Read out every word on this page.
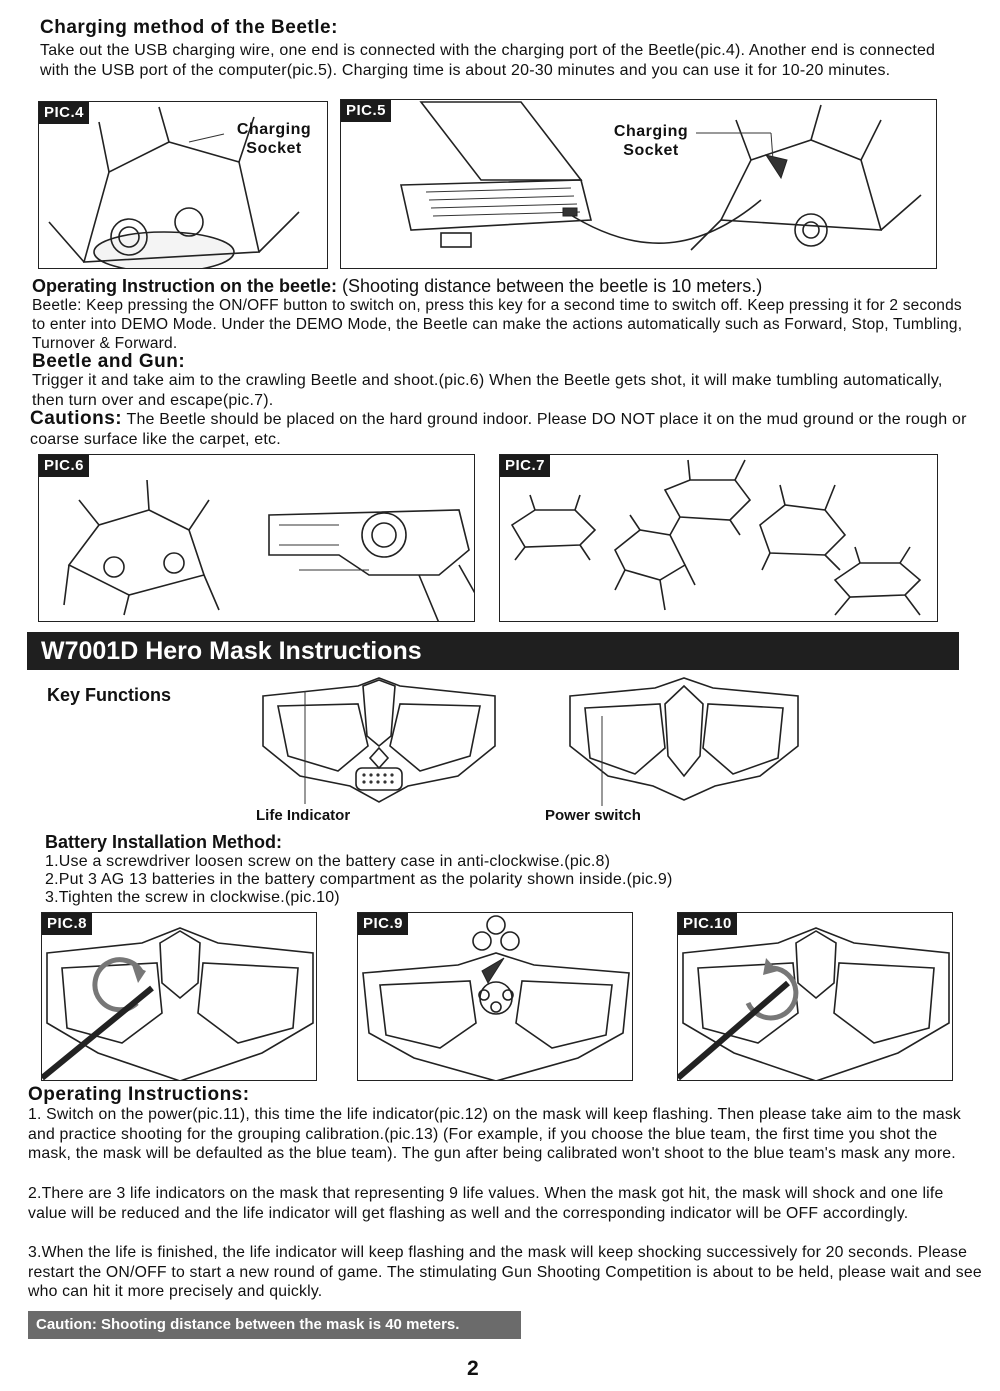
Charging method of the Beetle:
Take out the USB charging wire, one end is connected with the charging port of the Beetle(pic.4). Another end is connected with the USB port of the computer(pic.5). Charging time is about 20-30 minutes and you can use it for 10-20 minutes.
PIC.4
Charging
Socket
PIC.5
Charging
Socket
Operating Instruction on the beetle: (Shooting distance between the beetle is 10 meters.)
Beetle: Keep pressing the ON/OFF button to switch on, press this key for a second time to switch off. Keep pressing it for 2 seconds to enter into DEMO Mode. Under the DEMO Mode, the Beetle can make the actions automatically such as Forward, Stop, Tumbling, Turnover & Forward.
Beetle and Gun:
Trigger it and take aim to the crawling Beetle and shoot.(pic.6) When the Beetle gets shot, it will make tumbling automatically, then turn over and escape(pic.7).
Cautions: The Beetle should be placed on the hard ground indoor. Please DO NOT place it on the mud ground or the rough or coarse surface like the carpet, etc.
PIC.6	PIC.7
W7001D Hero Mask Instructions
Key Functions
Life Indicator	Power switch
Battery Installation Method:
1.Use a screwdriver loosen screw on the battery case in anti-clockwise.(pic.8)
2.Put 3 AG 13 batteries in the battery compartment as the polarity shown inside.(pic.9)
3.Tighten the screw in clockwise.(pic.10)
PIC.8	PIC.9	PIC.10
Operating Instructions:
1. Switch on the power(pic.11), this time the life indicator(pic.12) on the mask will keep flashing. Then please take aim to the mask and practice shooting for the grouping calibration.(pic.13) (For example, if you choose the blue team, the first time you shot the mask, the mask will be defaulted as the blue team). The gun after being calibrated won't shoot to the blue team's mask any more.
2.There are 3 life indicators on the mask that representing 9 life values. When the mask got hit, the mask will shock and one life value will be reduced and the life indicator will get flashing as well and the corresponding indicator will be OFF accordingly.
3.When the life is finished, the life indicator will keep flashing and the mask will keep shocking successively for 20 seconds. Please restart the ON/OFF to start a new round of game. The stimulating Gun Shooting Competition is about to be held, please wait and see who can hit it more precisely and quickly.
Caution: Shooting distance between the mask is 40 meters.
2
